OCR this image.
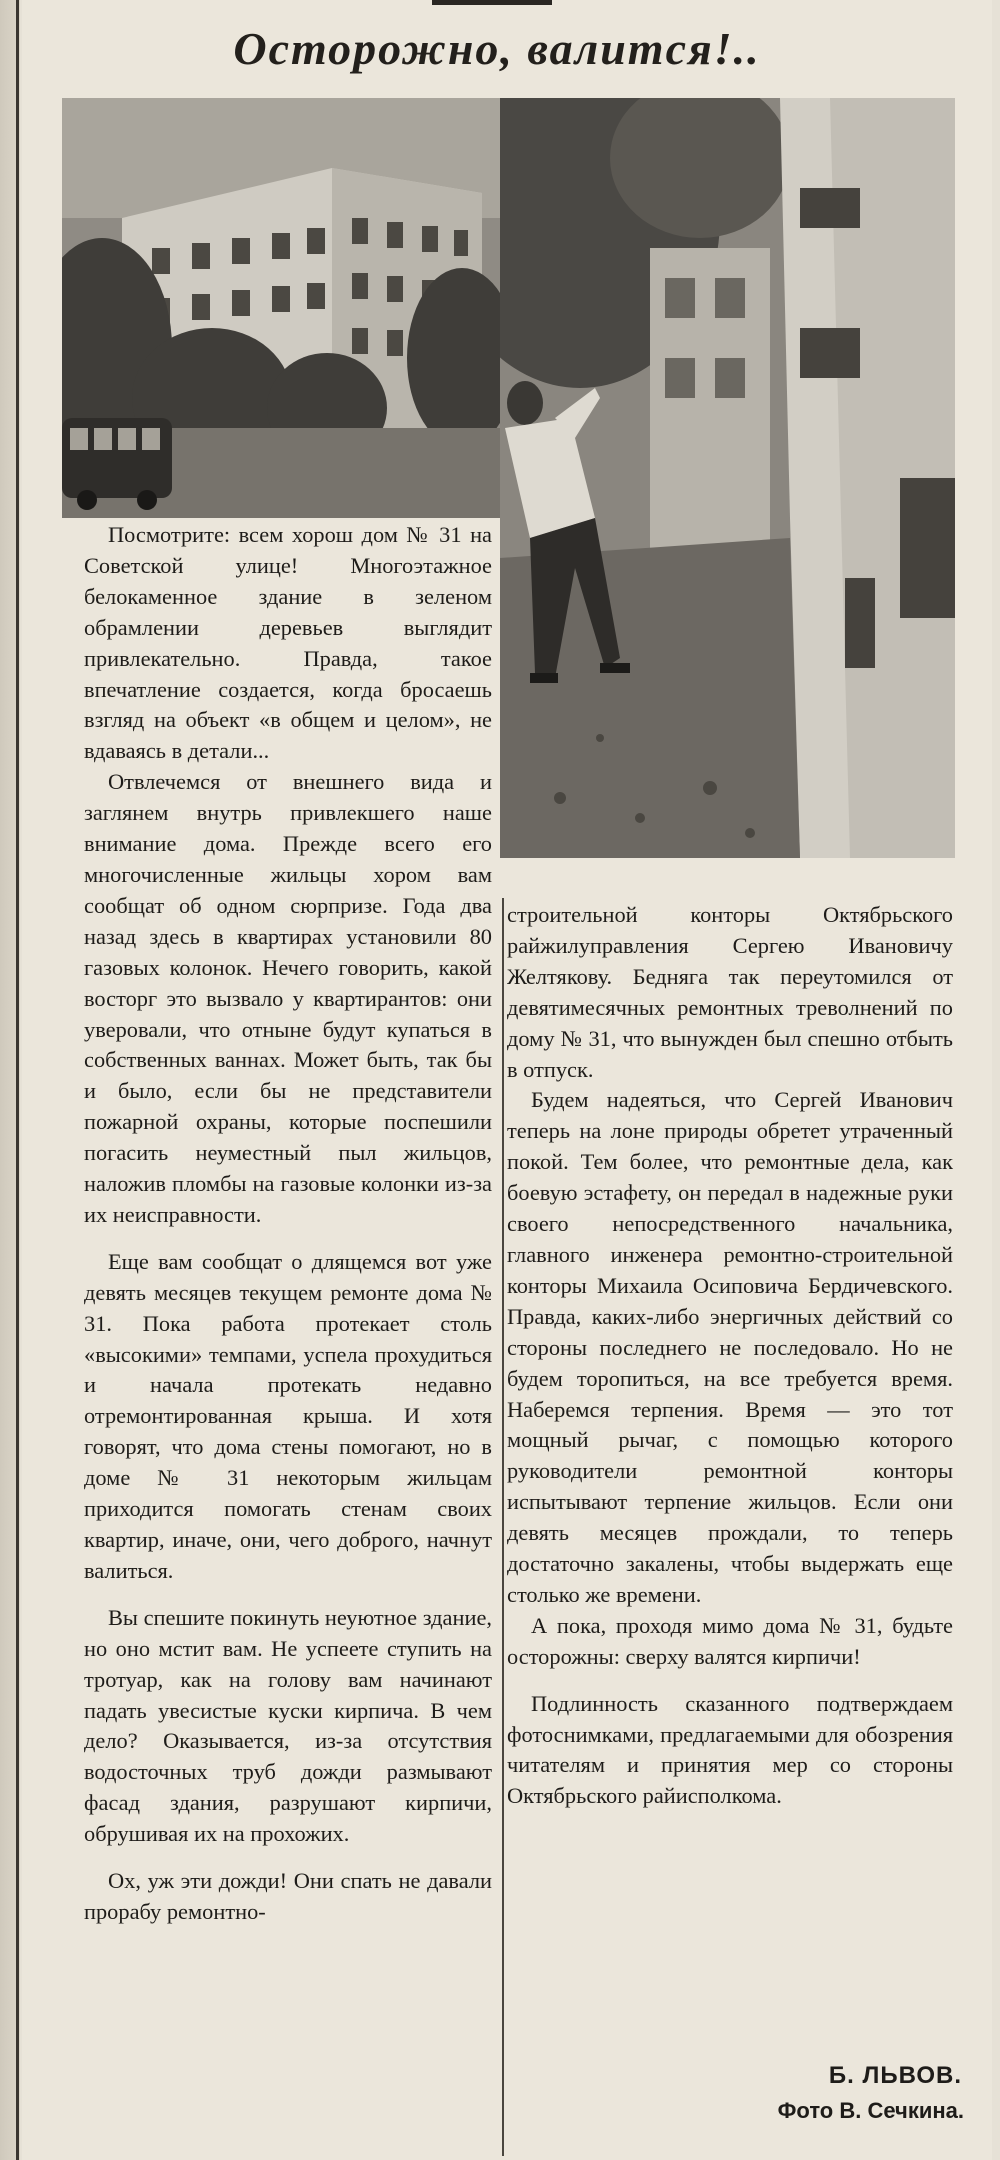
Осторожно, валится!..

Посмотрите: всем хорош дом № 31 на Советской улице! Многоэтажное белокаменное здание в зеленом обрамлении деревьев выглядит привлекательно. Правда, такое впечатление создается, когда бросаешь взгляд на объект «в общем и целом», не вдаваясь в детали...

Отвлечемся от внешнего вида и заглянем внутрь привлекшего наше внимание дома. Прежде всего его многочисленные жильцы хором вам сообщат об одном сюрпризе. Года два назад здесь в квартирах установили 80 газовых колонок. Нечего говорить, какой восторг это вызвало у квартирантов: они уверовали, что отныне будут купаться в собственных ваннах. Может быть, так бы и было, если бы не представители пожарной охраны, которые поспешили погасить неуместный пыл жильцов, наложив пломбы на газовые колонки из-за их неисправности.

Еще вам сообщат о длящемся вот уже девять месяцев текущем ремонте дома № 31. Пока работа протекает столь «высокими» темпами, успела прохудиться и начала протекать недавно отремонтированная крыша. И хотя говорят, что дома стены помогают, но в доме № 31 некоторым жильцам приходится помогать стенам своих квартир, иначе, они, чего доброго, начнут валиться.

Вы спешите покинуть неуютное здание, но оно мстит вам. Не успеете ступить на тротуар, как на голову вам начинают падать увесистые куски кирпича. В чем дело? Оказывается, из-за отсутствия водосточных труб дожди размывают фасад здания, разрушают кирпичи, обрушивая их на прохожих.

Ох, уж эти дожди! Они спать не давали прорабу ремонтно-

строительной конторы Октябрьского райжилуправления Сергею Ивановичу Желтякову. Бедняга так переутомился от девятимесячных ремонтных треволнений по дому № 31, что вынужден был спешно отбыть в отпуск.

Будем надеяться, что Сергей Иванович теперь на лоне природы обретет утраченный покой. Тем более, что ремонтные дела, как боевую эстафету, он передал в надежные руки своего непосредственного начальника, главного инженера ремонтно-строительной конторы Михаила Осиповича Бердичевского. Правда, каких-либо энергичных действий со стороны последнего не последовало. Но не будем торопиться, на все требуется время. Наберемся терпения. Время — это тот мощный рычаг, с помощью которого руководители ремонтной конторы испытывают терпение жильцов. Если они девять месяцев прождали, то теперь достаточно закалены, чтобы выдержать еще столько же времени.

А пока, проходя мимо дома № 31, будьте осторожны: сверху валятся кирпичи!

Подлинность сказанного подтверждаем фотоснимками, предлагаемыми для обозрения читателям и принятия мер со стороны Октябрьского райисполкома.

Б. ЛЬВОВ.
Фото В. Сечкина.
